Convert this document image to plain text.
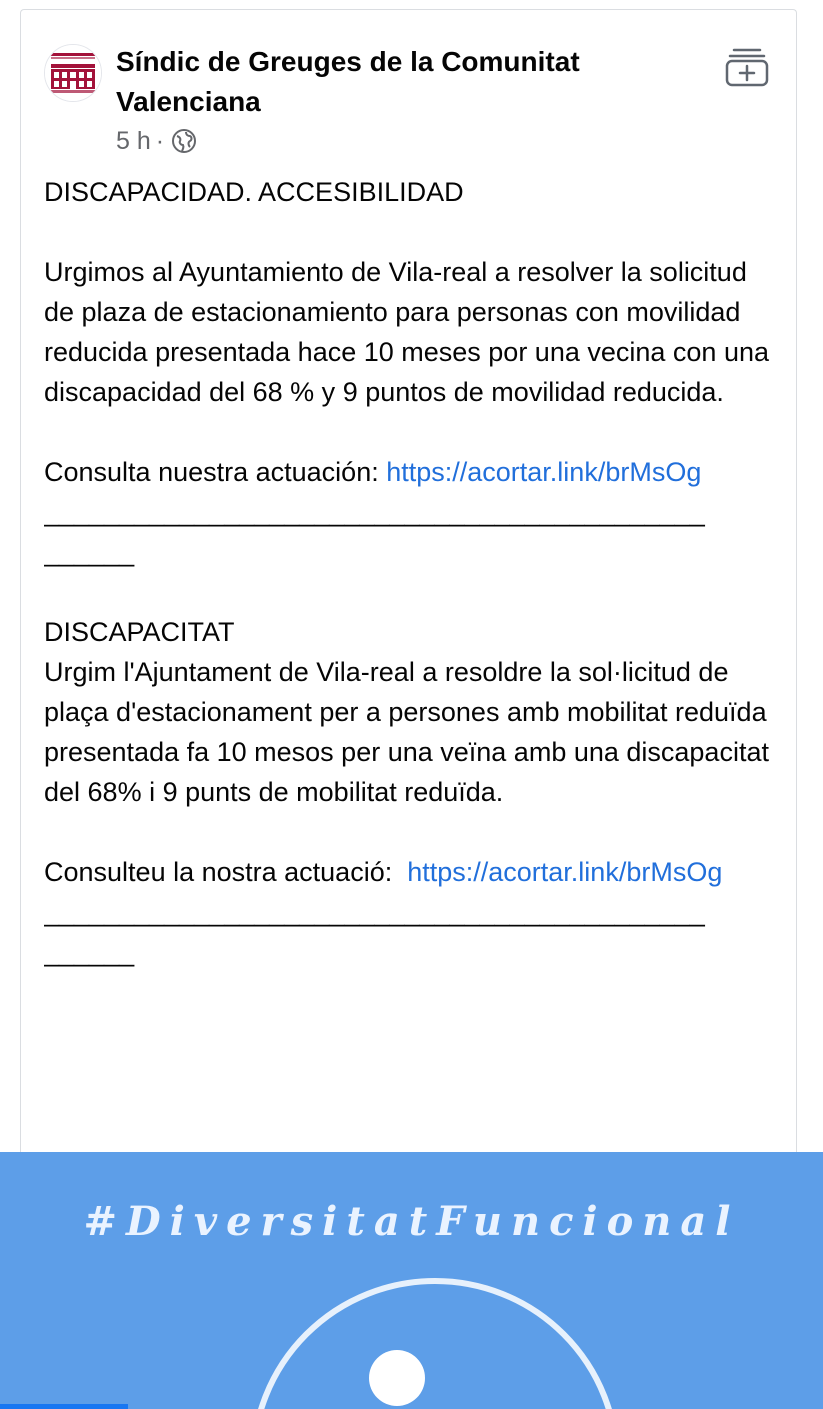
Síndic de Greuges de la Comunitat Valenciana
5 h ·

DISCAPACIDAD. ACCESIBILIDAD

Urgimos al Ayuntamiento de Vila-real a resolver la solicitud de plaza de estacionamiento para personas con movilidad reducida presentada hace 10 meses por una vecina con una discapacidad del 68 % y 9 puntos de movilidad reducida.

Consulta nuestra actuación: https://acortar.link/brMsOg

____________________________________________

______

DISCAPACITAT

Urgim l'Ajuntament de Vila-real a resoldre la sol·licitud de plaça d'estacionament per a persones amb mobilitat reduïda presentada fa 10 mesos per una veïna amb una discapacitat del 68% i 9 punts de mobilitat reduïda.

Consulteu la nostra actuació:  https://acortar.link/brMsOg

____________________________________________

______

#DiversitatFuncional
